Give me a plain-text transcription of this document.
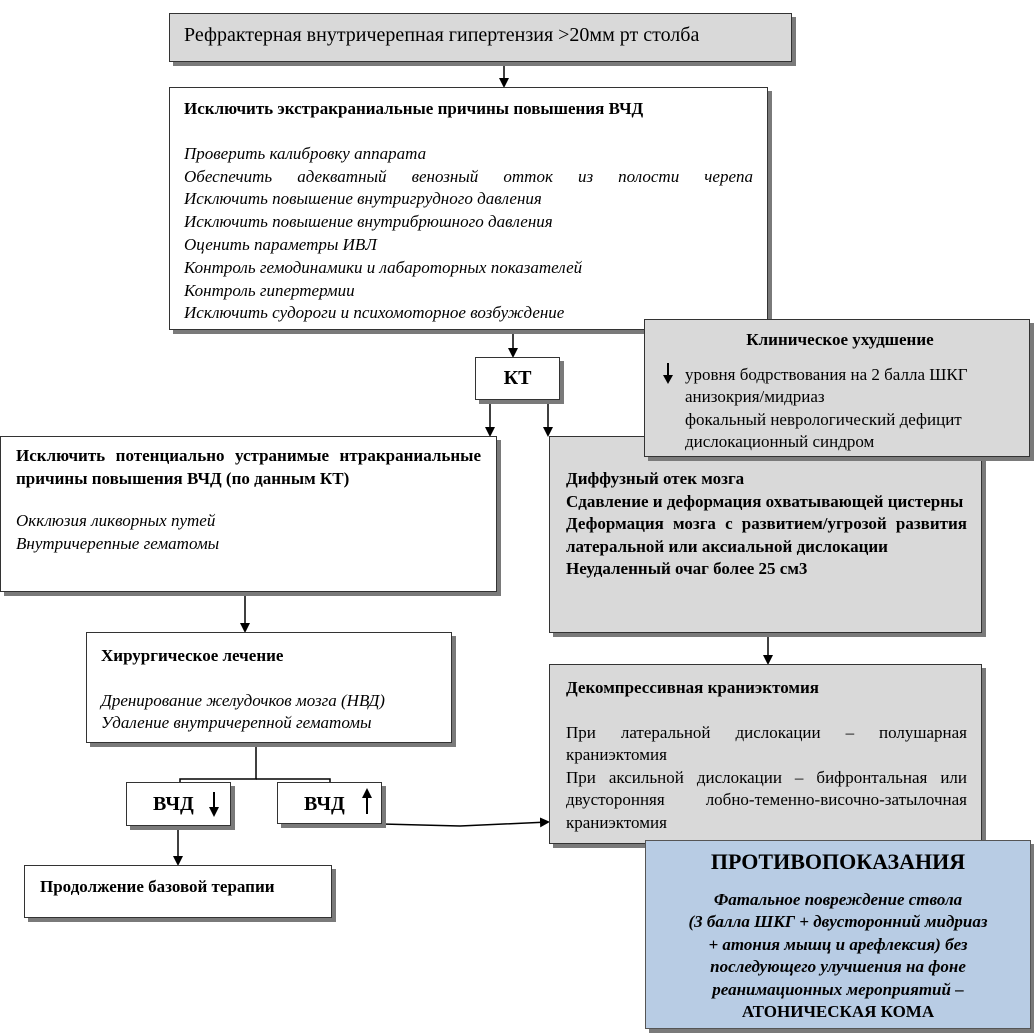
Рефрактерная внутричерепная гипертензия >20мм рт столба
Исключить экстракраниальные причины повышения ВЧД
Проверить калибровку аппарата
Обеспечить адекватный венозный отток из полости черепа
Исключить повышение внутригрудного давления
Исключить повышение внутрибрюшного давления
Оценить параметры ИВЛ
Контроль гемодинамики и лабароторных показателей
Контроль гипертермии
Исключить судороги и психомоторное возбуждение
КТ
Исключить потенциально устранимые нтракраниальные причины повышения ВЧД (по данным КТ)
Окклюзия ликворных путей
Внутричерепные гематомы
Диффузный отек мозга
Сдавление и деформация охватывающей цистерны
Деформация мозга с развитием/угрозой развития латеральной или аксиальной дислокации
Неудаленный очаг более 25 см3
Клиническое ухудшение
уровня бодрствования на 2 балла ШКГ
анизокрия/мидриаз
фокальный неврологический дефицит
дислокационный синдром
Хирургическое лечение
Дренирование желудочков мозга (НВД)
Удаление внутричерепной гематомы
Декомпрессивная краниэктомия
При латеральной дислокации – полушарная краниэктомия
При аксильной дислокации – бифронтальная или двусторонняя лобно-теменно-височно-затылочная краниэктомия
ВЧД	ВЧД
Продолжение базовой терапии
ПРОТИВОПОКАЗАНИЯ
Фатальное повреждение ствола
(3 балла ШКГ + двусторонний мидриаз
+ атония мышц и арефлексия) без
последующего улучшения на фоне
реанимационных мероприятий –
АТОНИЧЕСКАЯ КОМА
